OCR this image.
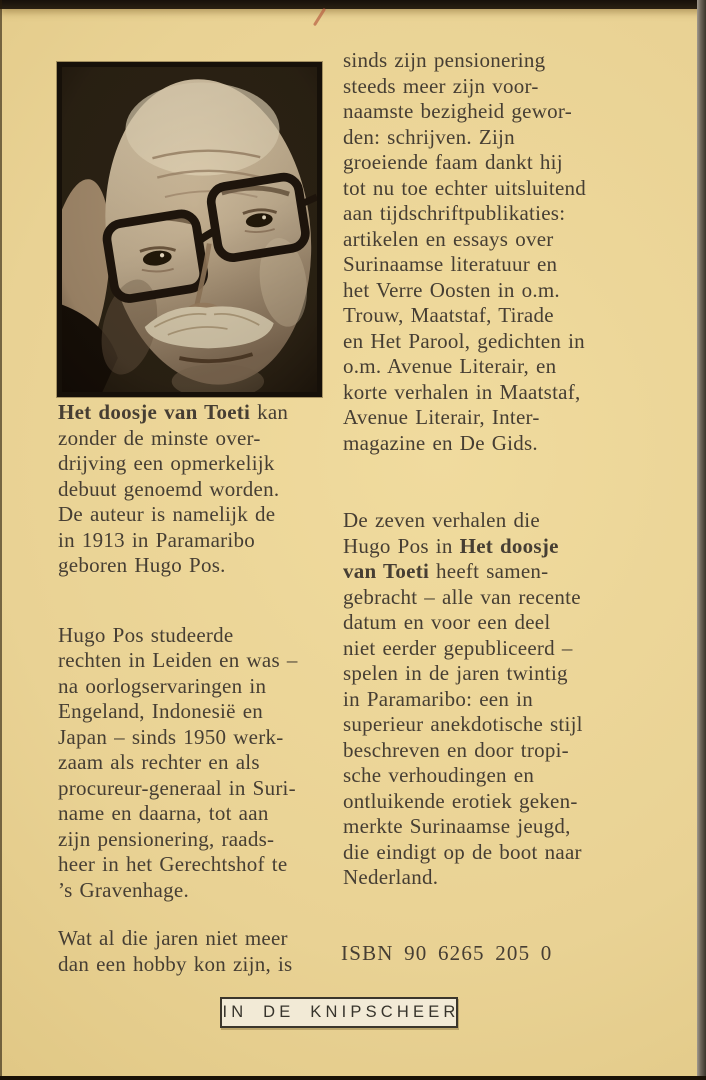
Het doosje van Toeti kan
zonder de minste over-
drijving een opmerkelijk
debuut genoemd worden.
De auteur is namelijk de
in 1913 in Paramaribo
geboren Hugo Pos.

Hugo Pos studeerde
rechten in Leiden en was –
na oorlogservaringen in
Engeland, Indonesië en
Japan – sinds 1950 werk-
zaam als rechter en als
procureur-generaal in Suri-
name en daarna, tot aan
zijn pensionering, raads-
heer in het Gerechtshof te
’s Gravenhage.

Wat al die jaren niet meer
dan een hobby kon zijn, is

sinds zijn pensionering
steeds meer zijn voor-
naamste bezigheid gewor-
den: schrijven. Zijn
groeiende faam dankt hij
tot nu toe echter uitsluitend
aan tijdschriftpublikaties:
artikelen en essays over
Surinaamse literatuur en
het Verre Oosten in o.m.
Trouw, Maatstaf, Tirade
en Het Parool, gedichten in
o.m. Avenue Literair, en
korte verhalen in Maatstaf,
Avenue Literair, Inter-
magazine en De Gids.

De zeven verhalen die
Hugo Pos in Het doosje
van Toeti heeft samen-
gebracht – alle van recente
datum en voor een deel
niet eerder gepubliceerd –
spelen in de jaren twintig
in Paramaribo: een in
superieur anekdotische stijl
beschreven en door tropi-
sche verhoudingen en
ontluikende erotiek geken-
merkte Surinaamse jeugd,
die eindigt op de boot naar
Nederland.

ISBN 90 6265 205 0
IN DE KNIPSCHEER
